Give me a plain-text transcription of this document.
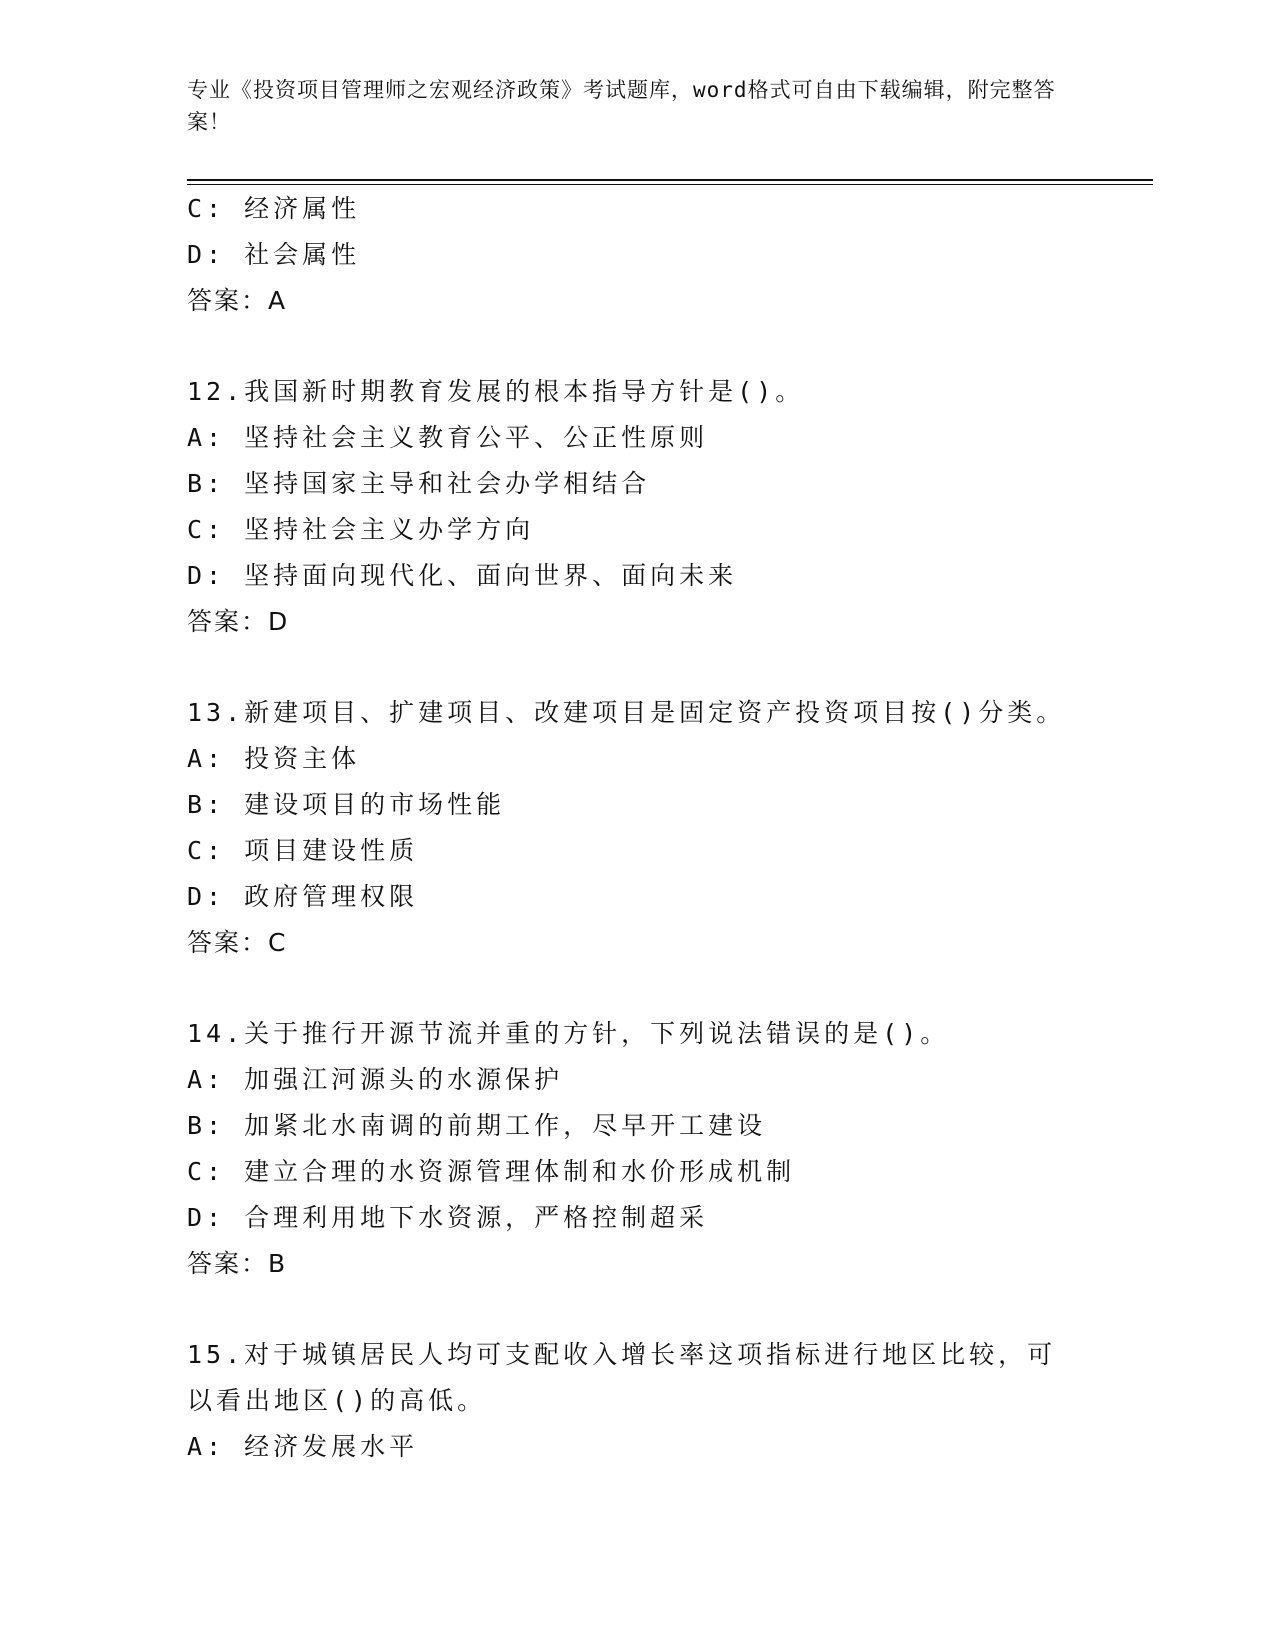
专业《投资项目管理师之宏观经济政策》考试题库，word格式可自由下载编辑，附完整答案！
C: 经济属性
D: 社会属性
答案：A
12.我国新时期教育发展的根本指导方针是()。
A: 坚持社会主义教育公平、公正性原则
B: 坚持国家主导和社会办学相结合
C: 坚持社会主义办学方向
D: 坚持面向现代化、面向世界、面向未来
答案：D
13.新建项目、扩建项目、改建项目是固定资产投资项目按()分类。
A: 投资主体
B: 建设项目的市场性能
C: 项目建设性质
D: 政府管理权限
答案：C
14.关于推行开源节流并重的方针，下列说法错误的是()。
A: 加强江河源头的水源保护
B: 加紧北水南调的前期工作，尽早开工建设
C: 建立合理的水资源管理体制和水价形成机制
D: 合理利用地下水资源，严格控制超采
答案：B
15.对于城镇居民人均可支配收入增长率这项指标进行地区比较，可以看出地区()的高低。
A: 经济发展水平
